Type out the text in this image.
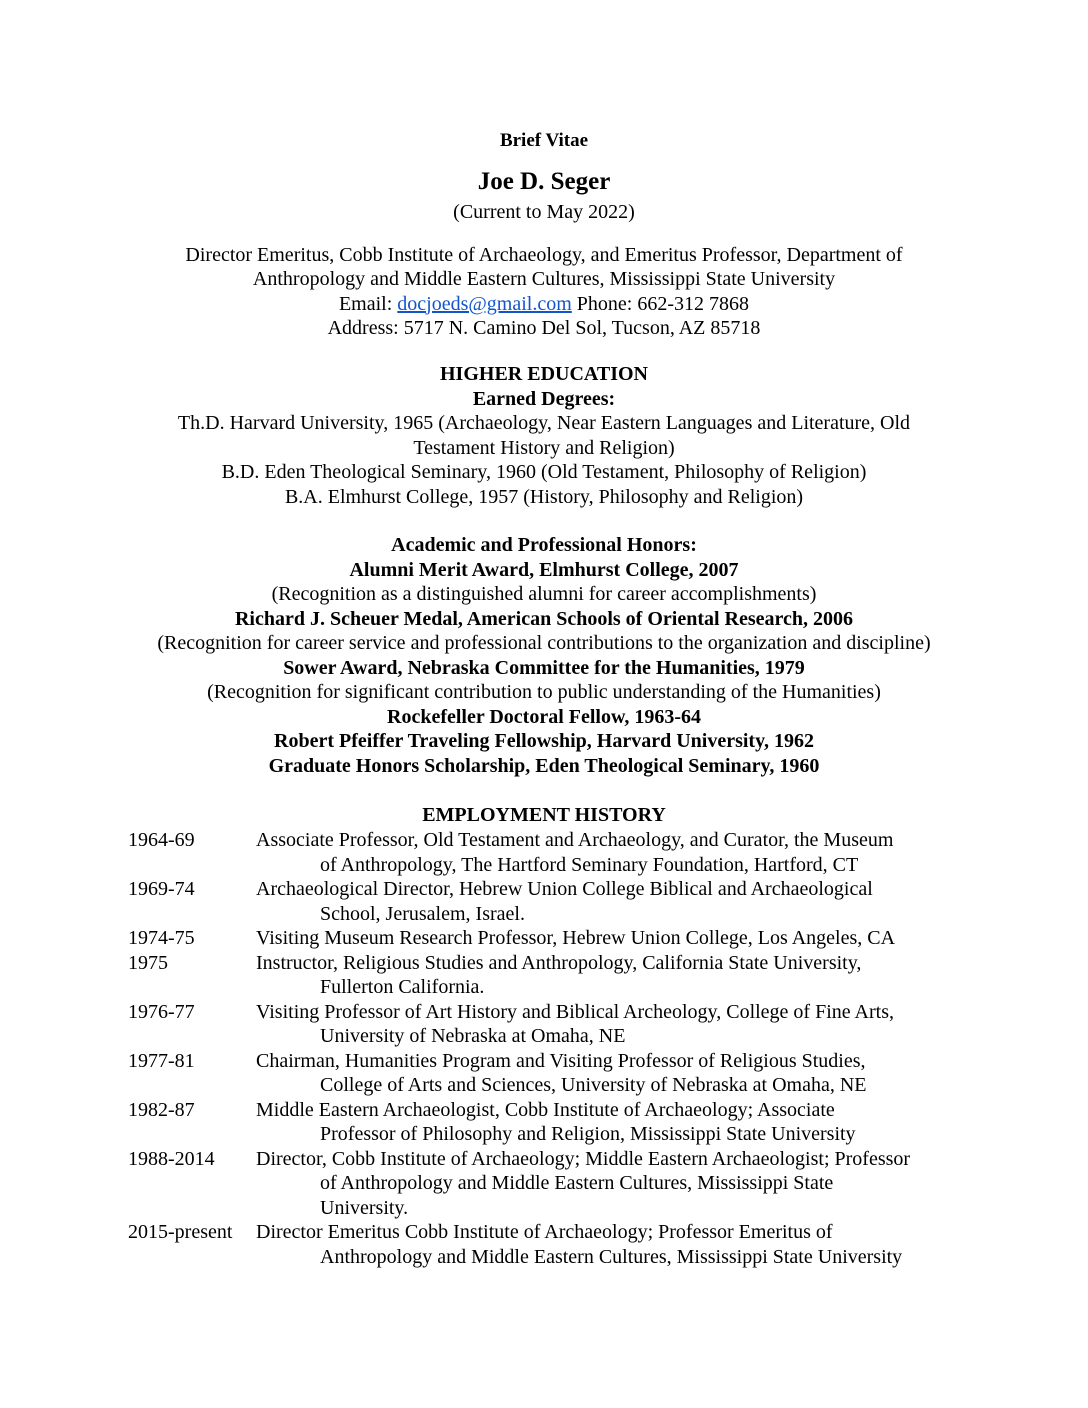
Brief Vitae
Joe D. Seger
(Current to May 2022)
Director Emeritus, Cobb Institute of Archaeology, and Emeritus Professor, Department of
Anthropology and Middle Eastern Cultures, Mississippi State University
Email: docjoeds@gmail.com Phone: 662-312 7868
Address: 5717 N. Camino Del Sol, Tucson, AZ 85718
HIGHER EDUCATION
Earned Degrees:
Th.D. Harvard University, 1965 (Archaeology, Near Eastern Languages and Literature, Old
Testament History and Religion)
B.D. Eden Theological Seminary, 1960 (Old Testament, Philosophy of Religion)
B.A. Elmhurst College, 1957 (History, Philosophy and Religion)
Academic and Professional Honors:
Alumni Merit Award, Elmhurst College, 2007
(Recognition as a distinguished alumni for career accomplishments)
Richard J. Scheuer Medal, American Schools of Oriental Research, 2006
(Recognition for career service and professional contributions to the organization and discipline)
Sower Award, Nebraska Committee for the Humanities, 1979
(Recognition for significant contribution to public understanding of the Humanities)
Rockefeller Doctoral Fellow, 1963-64
Robert Pfeiffer Traveling Fellowship, Harvard University, 1962
Graduate Honors Scholarship, Eden Theological Seminary, 1960
EMPLOYMENT HISTORY
1964-69	Associate Professor, Old Testament and Archaeology, and Curator, the Museum
of Anthropology, The Hartford Seminary Foundation, Hartford, CT
1969-74	Archaeological Director, Hebrew Union College Biblical and Archaeological
School, Jerusalem, Israel.
1974-75	Visiting Museum Research Professor, Hebrew Union College, Los Angeles, CA
1975	Instructor, Religious Studies and Anthropology, California State University,
Fullerton California.
1976-77	Visiting Professor of Art History and Biblical Archeology, College of Fine Arts,
University of Nebraska at Omaha, NE
1977-81	Chairman, Humanities Program and Visiting Professor of Religious Studies,
College of Arts and Sciences, University of Nebraska at Omaha, NE
1982-87	Middle Eastern Archaeologist, Cobb Institute of Archaeology; Associate
Professor of Philosophy and Religion, Mississippi State University
1988-2014	Director, Cobb Institute of Archaeology; Middle Eastern Archaeologist; Professor
of Anthropology and Middle Eastern Cultures, Mississippi State
University.
2015-present	Director Emeritus Cobb Institute of Archaeology; Professor Emeritus of
Anthropology and Middle Eastern Cultures, Mississippi State University
